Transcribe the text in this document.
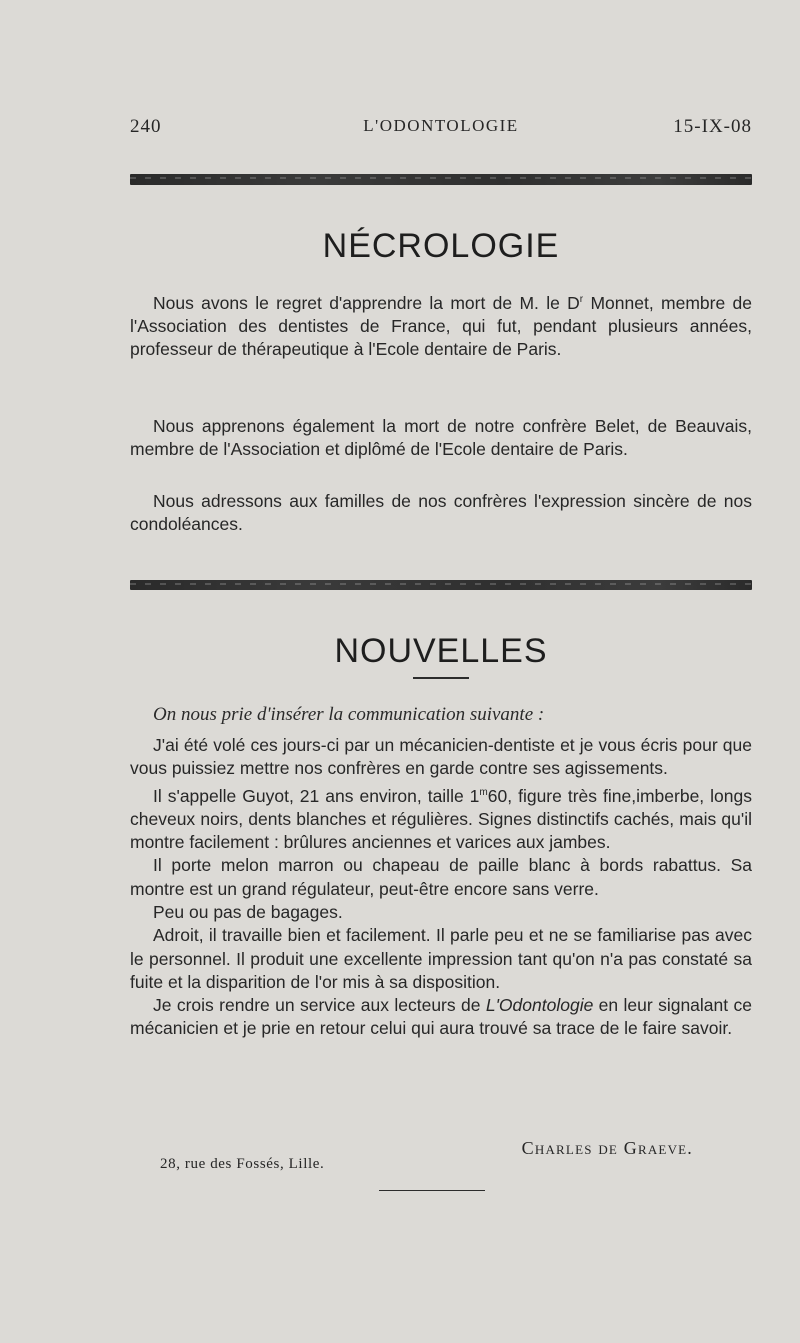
240	L'ODONTOLOGIE	15-IX-08
NÉCROLOGIE

Nous avons le regret d'apprendre la mort de M. le $D^r$ Monnet, membre de l'Association des dentistes de France, qui fut, pendant plusieurs années, professeur de thérapeutique à l'Ecole dentaire de Paris.

Nous apprenons également la mort de notre confrère Belet, de Beauvais, membre de l'Association et diplômé de l'Ecole dentaire de Paris.

Nous adressons aux familles de nos confrères l'expression sincère de nos condoléances.

NOUVELLES
On nous prie d'insérer la communication suivante :

J'ai été volé ces jours-ci par un mécanicien-dentiste et je vous écris pour que vous puissiez mettre nos confrères en garde contre ses agissements.

Il s'appelle Guyot, 21 ans environ, taille 1$^m$60, figure très fine,imberbe, longs cheveux noirs, dents blanches et régulières. Signes distinctifs cachés, mais qu'il montre facilement : brûlures anciennes et varices aux jambes.

Il porte melon marron ou chapeau de paille blanc à bords rabattus. Sa montre est un grand régulateur, peut-être encore sans verre.

Peu ou pas de bagages.

Adroit, il travaille bien et facilement. Il parle peu et ne se familiarise pas avec le personnel. Il produit une excellente impression tant qu'on n'a pas constaté sa fuite et la disparition de l'or mis à sa disposition.

Je crois rendre un service aux lecteurs de L'Odontologie en leur signalant ce mécanicien et je prie en retour celui qui aura trouvé sa trace de le faire savoir.

Charles de Graeve.
28, rue des Fossés, Lille.
